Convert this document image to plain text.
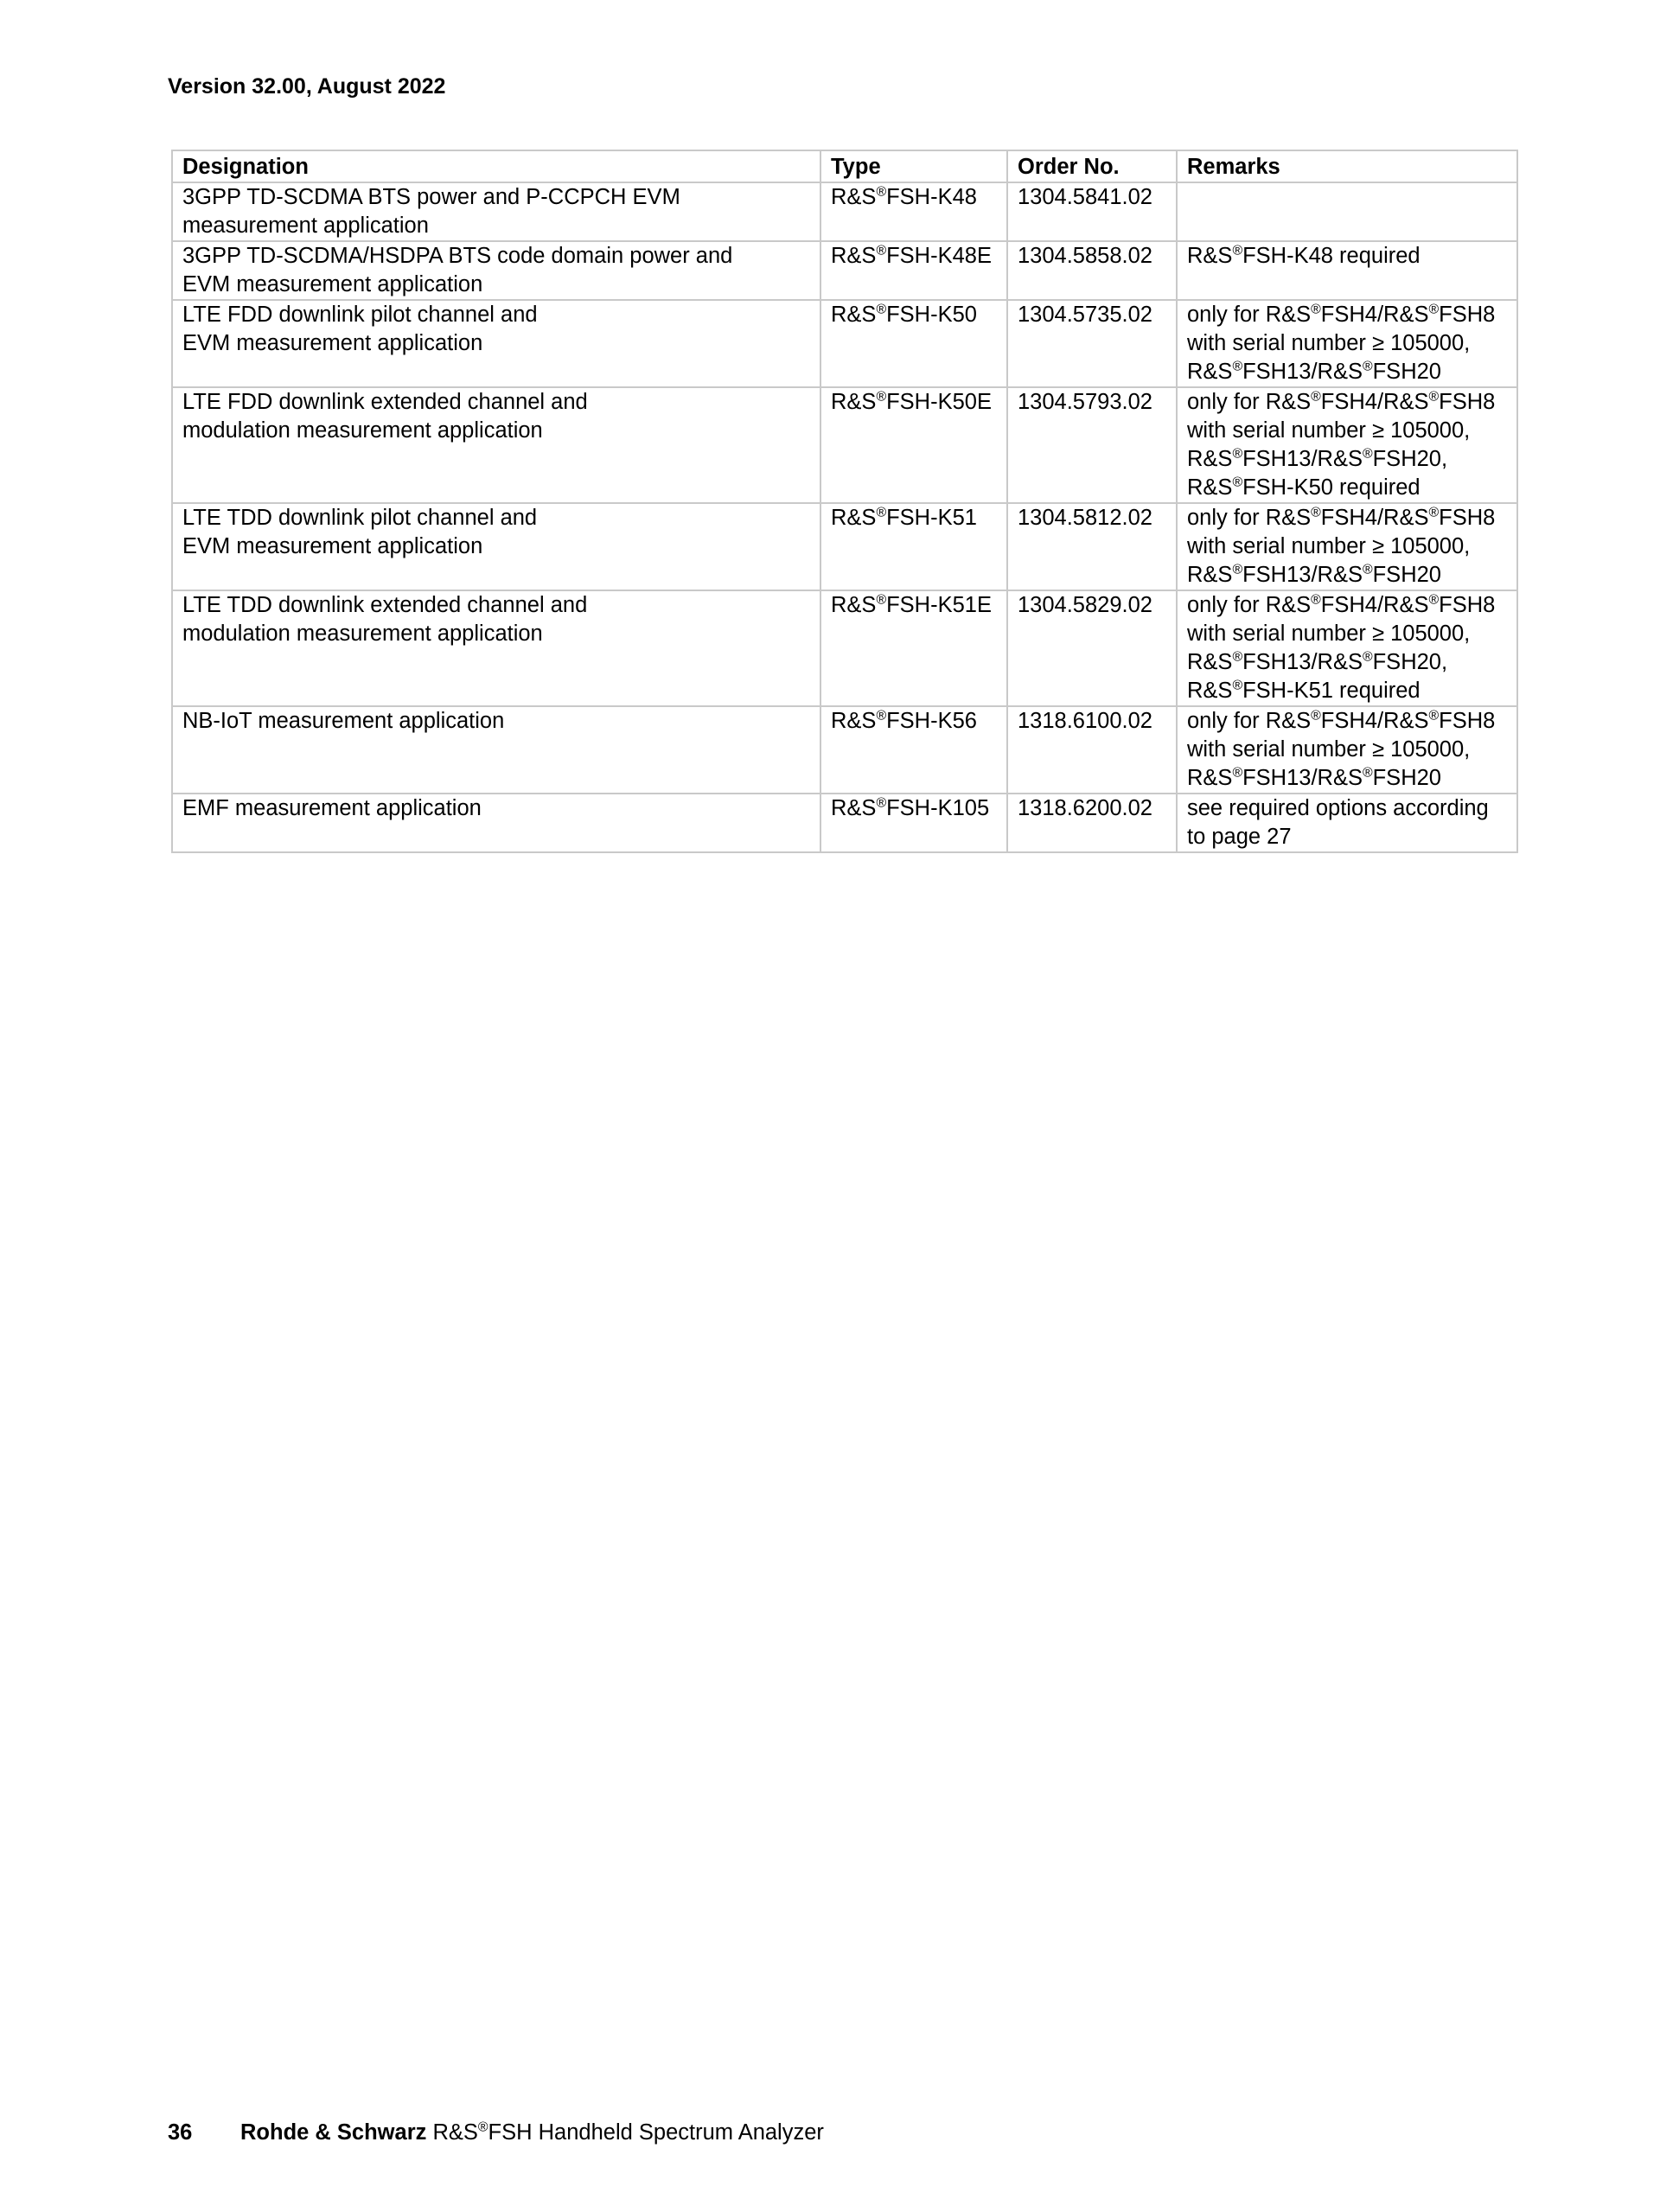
Version 32.00, August 2022
Designation	Type	Order No.	Remarks

3GPP TD-SCDMA BTS power and P-CCPCH EVM
measurement application	R&S®FSH-K48	1304.5841.02	

3GPP TD-SCDMA/HSDPA BTS code domain power and
EVM measurement application	R&S®FSH-K48E	1304.5858.02	R&S®FSH-K48 required

LTE FDD downlink pilot channel and
EVM measurement application	R&S®FSH-K50	1304.5735.02	only for R&S®FSH4/R&S®FSH8
with serial number ≥ 105000,
R&S®FSH13/R&S®FSH20

LTE FDD downlink extended channel and
modulation measurement application	R&S®FSH-K50E	1304.5793.02	only for R&S®FSH4/R&S®FSH8
with serial number ≥ 105000,
R&S®FSH13/R&S®FSH20,
R&S®FSH-K50 required

LTE TDD downlink pilot channel and
EVM measurement application	R&S®FSH-K51	1304.5812.02	only for R&S®FSH4/R&S®FSH8
with serial number ≥ 105000,
R&S®FSH13/R&S®FSH20

LTE TDD downlink extended channel and
modulation measurement application	R&S®FSH-K51E	1304.5829.02	only for R&S®FSH4/R&S®FSH8
with serial number ≥ 105000,
R&S®FSH13/R&S®FSH20,
R&S®FSH-K51 required

NB-IoT measurement application	R&S®FSH-K56	1318.6100.02	only for R&S®FSH4/R&S®FSH8
with serial number ≥ 105000,
R&S®FSH13/R&S®FSH20

EMF measurement application	R&S®FSH-K105	1318.6200.02	see required options according
to page 27
36 Rohde & Schwarz R&S®FSH Handheld Spectrum Analyzer
